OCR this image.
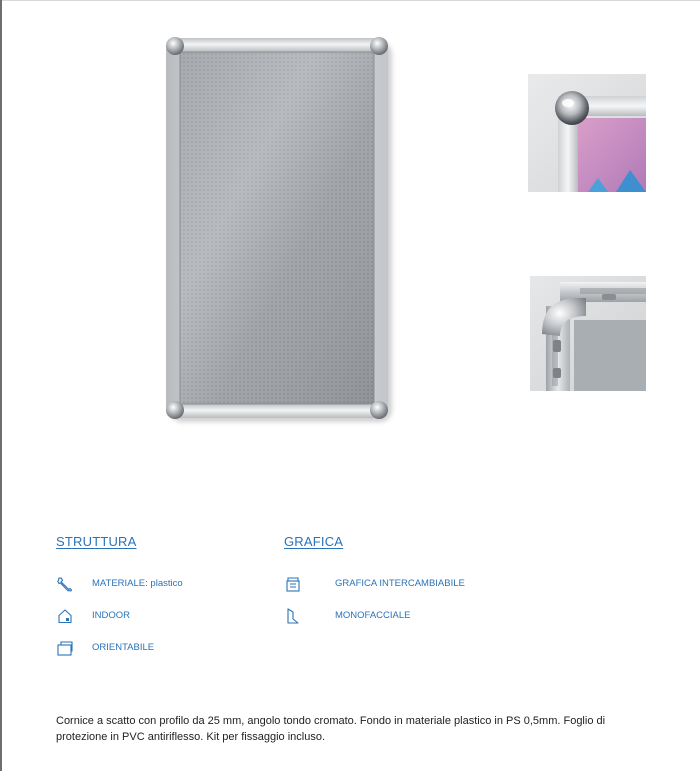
STRUTTURA	GRAFICA
MATERIALE: plastico
INDOOR
ORIENTABILE
GRAFICA INTERCAMBIABILE
MONOFACCIALE
Cornice a scatto con profilo da 25 mm, angolo tondo cromato. Fondo in materiale plastico in PS 0,5mm. Foglio di protezione in PVC antiriflesso. Kit per fissaggio incluso.
